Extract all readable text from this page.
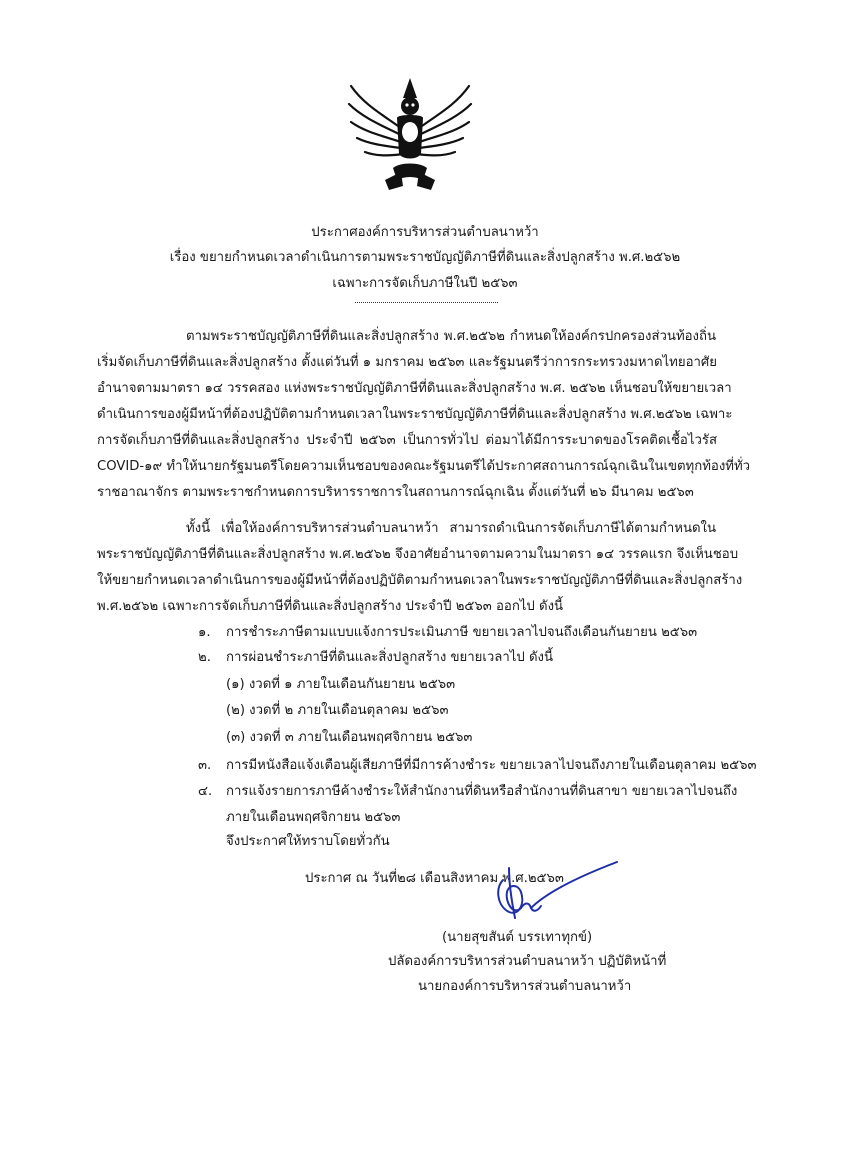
ประกาศองค์การบริหารส่วนตำบลนาหว้า
เรื่อง ขยายกำหนดเวลาดำเนินการตามพระราชบัญญัติภาษีที่ดินและสิ่งปลูกสร้าง พ.ศ.๒๕๖๒
เฉพาะการจัดเก็บภาษีในปี ๒๕๖๓
ตามพระราชบัญญัติภาษีที่ดินและสิ่งปลูกสร้าง พ.ศ.๒๕๖๒ กำหนดให้องค์กรปกครองส่วนท้องถิ่น
เริ่มจัดเก็บภาษีที่ดินและสิ่งปลูกสร้าง ตั้งแต่วันที่ ๑ มกราคม ๒๕๖๓ และรัฐมนตรีว่าการกระทรวงมหาดไทยอาศัย
อำนาจตามมาตรา ๑๔ วรรคสอง แห่งพระราชบัญญัติภาษีที่ดินและสิ่งปลูกสร้าง พ.ศ. ๒๕๖๒ เห็นชอบให้ขยายเวลา
ดำเนินการของผู้มีหน้าที่ต้องปฏิบัติตามกำหนดเวลาในพระราชบัญญัติภาษีที่ดินและสิ่งปลูกสร้าง พ.ศ.๒๕๖๒ เฉพาะ
การจัดเก็บภาษีที่ดินและสิ่งปลูกสร้าง ประจำปี ๒๕๖๓ เป็นการทั่วไป ต่อมาได้มีการระบาดของโรคติดเชื้อไวรัส
COVID-๑๙ ทำให้นายกรัฐมนตรีโดยความเห็นชอบของคณะรัฐมนตรีได้ประกาศสถานการณ์ฉุกเฉินในเขตทุกท้องที่ทั่ว
ราชอาณาจักร ตามพระราชกำหนดการบริหารราชการในสถานการณ์ฉุกเฉิน ตั้งแต่วันที่ ๒๖ มีนาคม ๒๕๖๓
ทั้งนี้ เพื่อให้องค์การบริหารส่วนตำบลนาหว้า สามารถดำเนินการจัดเก็บภาษีได้ตามกำหนดใน
พระราชบัญญัติภาษีที่ดินและสิ่งปลูกสร้าง พ.ศ.๒๕๖๒ จึงอาศัยอำนาจตามความในมาตรา ๑๔ วรรคแรก จึงเห็นชอบ
ให้ขยายกำหนดเวลาดำเนินการของผู้มีหน้าที่ต้องปฏิบัติตามกำหนดเวลาในพระราชบัญญัติภาษีที่ดินและสิ่งปลูกสร้าง
พ.ศ.๒๕๖๒ เฉพาะการจัดเก็บภาษีที่ดินและสิ่งปลูกสร้าง ประจำปี ๒๕๖๓ ออกไป ดังนี้
๑. การชำระภาษีตามแบบแจ้งการประเมินภาษี ขยายเวลาไปจนถึงเดือนกันยายน ๒๕๖๓
๒. การผ่อนชำระภาษีที่ดินและสิ่งปลูกสร้าง ขยายเวลาไป ดังนี้
(๑) งวดที่ ๑ ภายในเดือนกันยายน ๒๕๖๓
(๒) งวดที่ ๒ ภายในเดือนตุลาคม ๒๕๖๓
(๓) งวดที่ ๓ ภายในเดือนพฤศจิกายน ๒๕๖๓
๓. การมีหนังสือแจ้งเตือนผู้เสียภาษีที่มีการค้างชำระ ขยายเวลาไปจนถึงภายในเดือนตุลาคม ๒๕๖๓
๔. การแจ้งรายการภาษีค้างชำระให้สำนักงานที่ดินหรือสำนักงานที่ดินสาขา ขยายเวลาไปจนถึง
ภายในเดือนพฤศจิกายน ๒๕๖๓
จึงประกาศให้ทราบโดยทั่วกัน
ประกาศ ณ วันที่๒๘ เดือนสิงหาคม พ.ศ.๒๕๖๓
(นายสุขสันต์ บรรเทาทุกข์)
ปลัดองค์การบริหารส่วนตำบลนาหว้า ปฏิบัติหน้าที่
นายกองค์การบริหารส่วนตำบลนาหว้า
